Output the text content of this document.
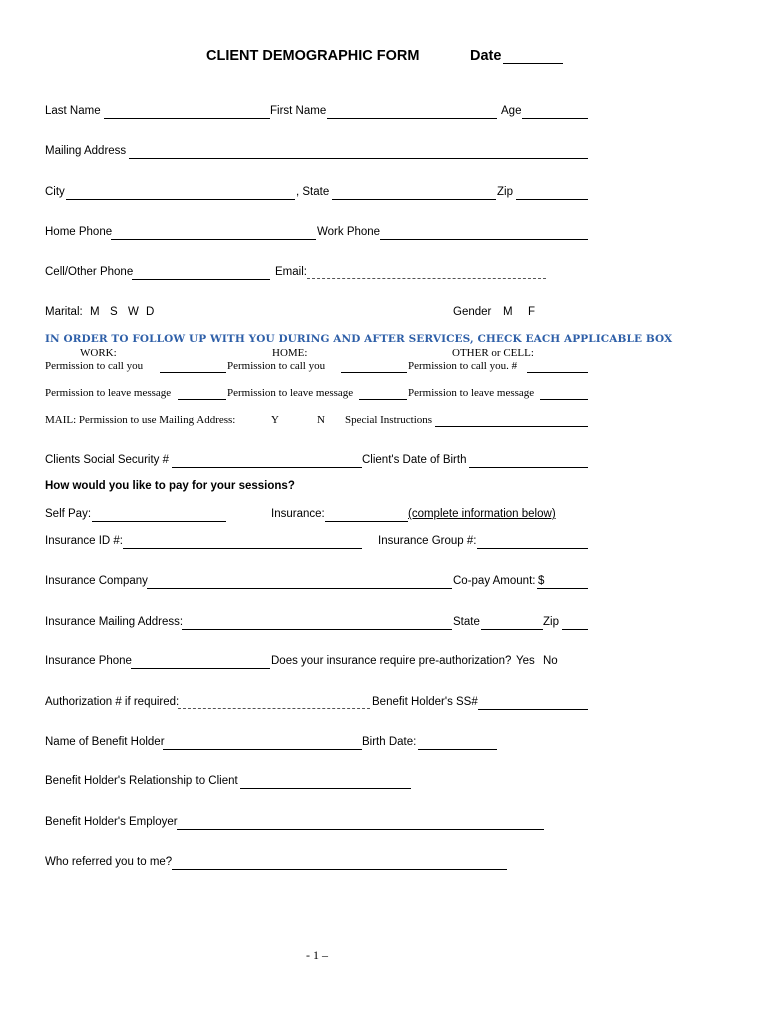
CLIENT DEMOGRAPHIC FORM	Date
Last Name	First Name	Age
Mailing Address
City	, State	Zip
Home Phone	Work Phone
Cell/Other Phone	Email:
Marital: M S W D	Gender M F
IN ORDER TO FOLLOW UP WITH YOU DURING AND AFTER SERVICES, CHECK EACH APPLICABLE BOX
WORK:	HOME:	OTHER or CELL:
Permission to call you	Permission to call you	Permission to call you. #
Permission to leave message	Permission to leave message	Permission to leave message
MAIL: Permission to use Mailing Address:	Y	N Special Instructions
Clients Social Security #	Client's Date of Birth
How would you like to pay for your sessions?
Self Pay:	Insurance:	(complete information below)
Insurance ID #:	Insurance Group #:
Insurance Company	Co-pay Amount: $
Insurance Mailing Address:	State	Zip
Insurance Phone	Does your insurance require pre-authorization? Yes No
Authorization # if required:	Benefit Holder's SS#
Name of Benefit Holder	Birth Date:
Benefit Holder's Relationship to Client
Benefit Holder's Employer
Who referred you to me?
- 1 –
